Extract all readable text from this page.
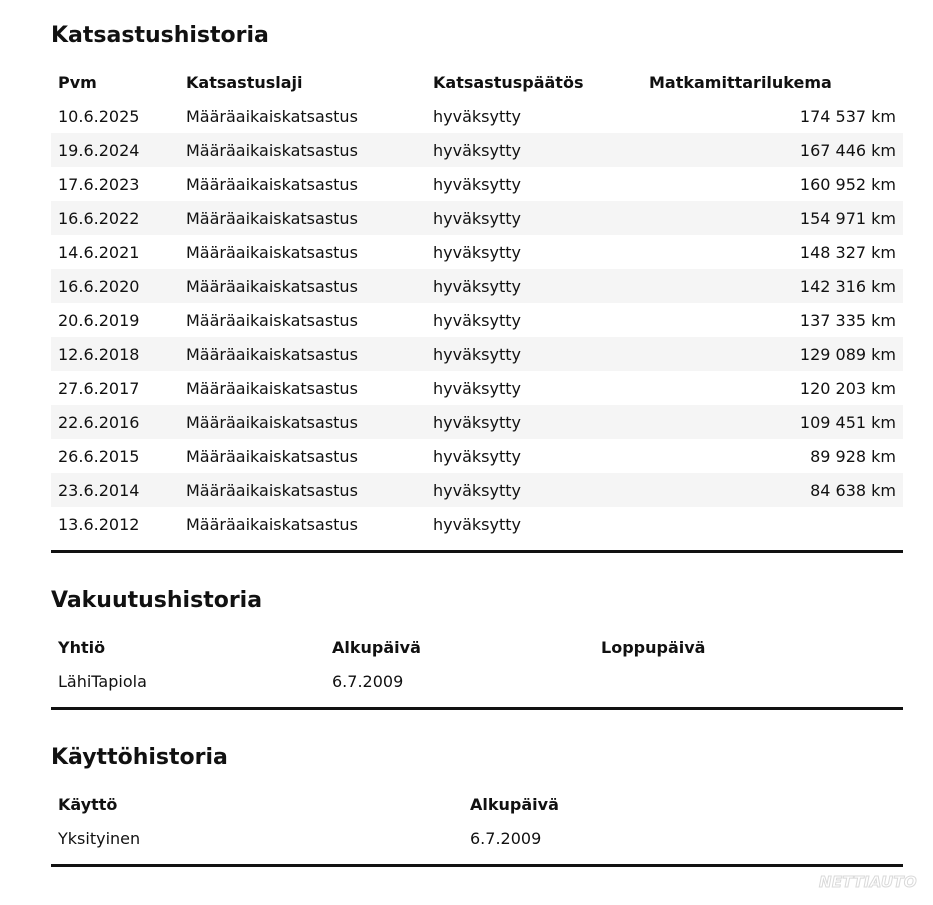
Katsastushistoria
Pvm	Katsastuslaji	Katsastuspäätös	Matkamittarilukema
10.6.2025	Määräaikaiskatsastus	hyväksytty	174 537 km
19.6.2024	Määräaikaiskatsastus	hyväksytty	167 446 km
17.6.2023	Määräaikaiskatsastus	hyväksytty	160 952 km
16.6.2022	Määräaikaiskatsastus	hyväksytty	154 971 km
14.6.2021	Määräaikaiskatsastus	hyväksytty	148 327 km
16.6.2020	Määräaikaiskatsastus	hyväksytty	142 316 km
20.6.2019	Määräaikaiskatsastus	hyväksytty	137 335 km
12.6.2018	Määräaikaiskatsastus	hyväksytty	129 089 km
27.6.2017	Määräaikaiskatsastus	hyväksytty	120 203 km
22.6.2016	Määräaikaiskatsastus	hyväksytty	109 451 km
26.6.2015	Määräaikaiskatsastus	hyväksytty	89 928 km
23.6.2014	Määräaikaiskatsastus	hyväksytty	84 638 km
13.6.2012	Määräaikaiskatsastus	hyväksytty	
Vakuutushistoria
Yhtiö	Alkupäivä	Loppupäivä
LähiTapiola	6.7.2009	
Käyttöhistoria
Käyttö	Alkupäivä
Yksityinen	6.7.2009
NETTIAUTO
